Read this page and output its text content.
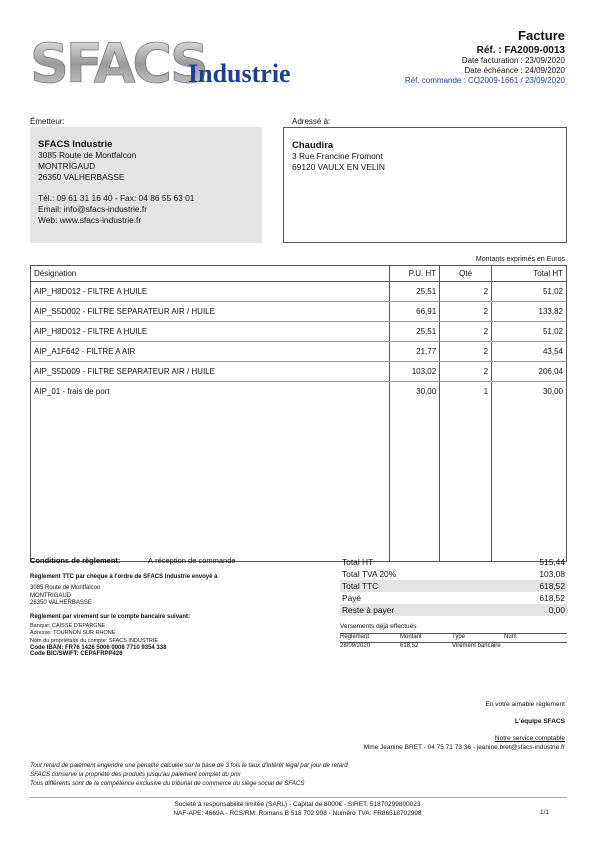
SFACS
Industrie
Facture
Réf. : FA2009-0013
Date facturation : 23/09/2020
Date échéance : 24/09/2020
Réf. commande : CO2009-1661 / 23/09/2020
Émetteur:	Adressé à:
SFACS Industrie
3085 Route de Montfalcon
MONTRIGAUD
26350 VALHERBASSE
Tél.: 09 61 31 16 40 - Fax: 04 86 55 63 01
Email: info@sfacs-industrie.fr
Web: www.sfacs-industrie.fr
Chaudira
3 Rue Francine Fromont
69120 VAULX EN VELIN
Montants exprimés en Euros
Désignation	P.U. HT	Qté	Total HT
AIP_H8D012 - FILTRE A HUILE	25,51	2	51,02
AIP_S5D002 - FILTRE SEPARATEUR AIR / HUILE	66,91	2	133,82
AIP_H8D012 - FILTRE A HUILE	25,51	2	51,02
AIP_A1F642 - FILTRE A AIR	21,77	2	43,54
AIP_S5D009 - FILTRE SEPARATEUR AIR / HUILE	103,02	2	206,04
AIP_01 - frais de port	30,00	1	30,00
Conditions de règlement:	À réception de commande
Règlement TTC par chèque à l'ordre de SFACS Industrie envoyé à
3085 Route de Montfalcon
MONTRIGAUD
26350 VALHERBASSE
Règlement par virement sur le compte bancaire suivant:
Banque: CAISSE D'EPARGNE
Adresse: TOURNON SUR RHONE
Nom du propriétaire du compte: SFACS INDUSTRIE
Code IBAN: FR76 1426 5006 0008 7710 9354 338
Code BIC/SWIFT: CEPAFRPP426
Total HT	515,44
Total TVA 20%	103,08
Total TTC	618,52
Payé	618,52
Reste à payer	0,00
Versements déjà effectués
Règlement	Montant	Type	Num
28/09/2020	618,52	Virement bancaire
En votre aimable règlement
L'équipe SFACS
Notre service comptable
Mme Jeanine BRET - 04 75 71 73 36 - jeanine.bret@sfacs-industrie.fr
Tout retard de paiement engendre une pénalité calculée sur la base de 3 fois le taux d'intérêt légal par jour de retard
SFACS conserve la propriété des produits jusqu'au paiement complet du prix
Tous différents sont de la compétence exclusive du tribunal de commerce du siège social de SFACS
Société à responsabilité limitée (SARL) - Capital de 8000€ - SIRET: 51870299800023
NAF-APE: 4669A - RCS/RM: Romans B 518 702 998 - Numéro TVA: FR86518702998	1/1
